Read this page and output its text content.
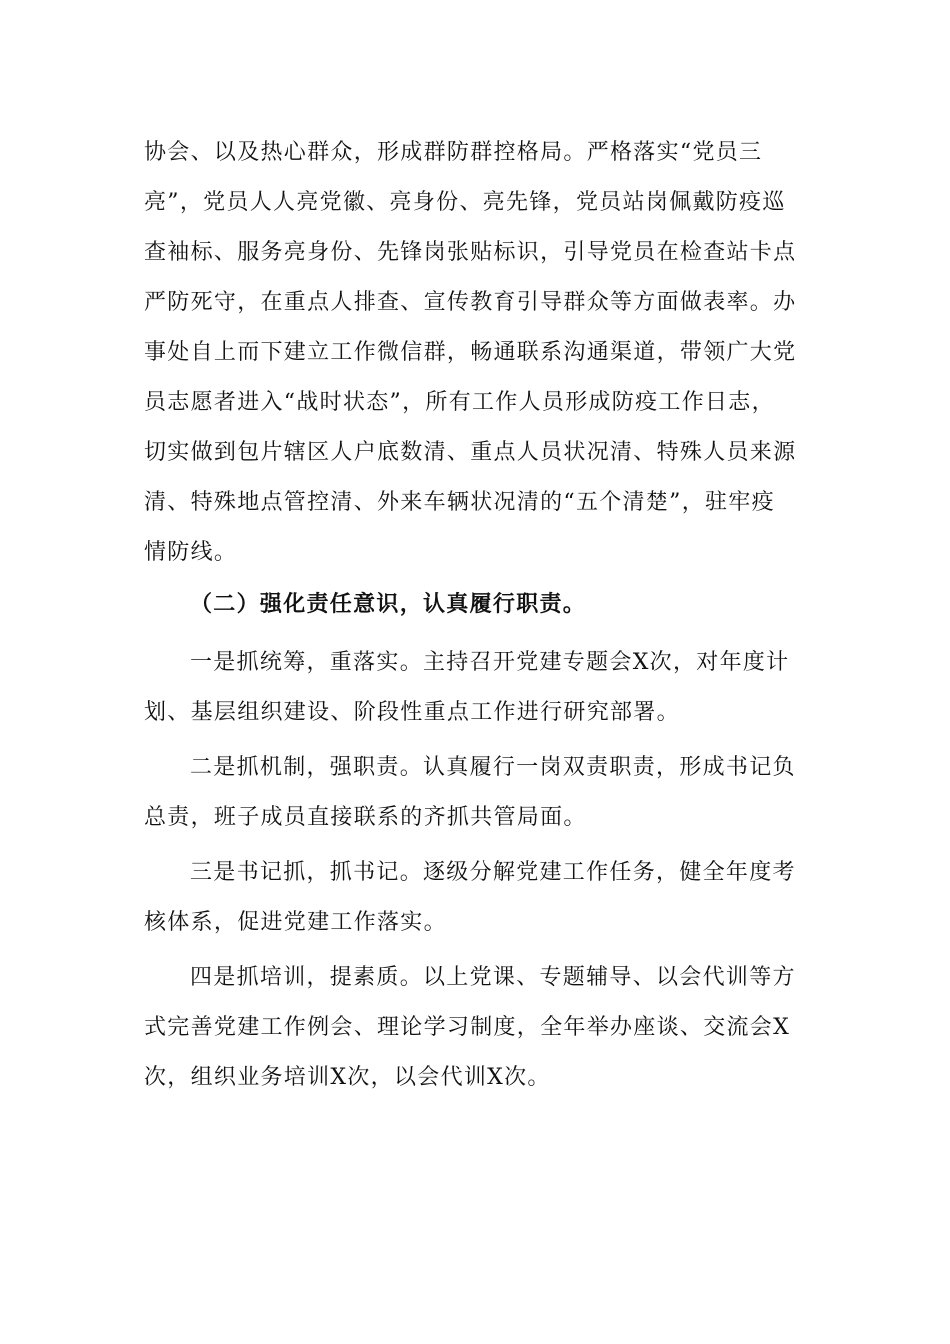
协会、以及热心群众，形成群防群控格局。严格落实“党员三
亮”，党员人人亮党徽、亮身份、亮先锋，党员站岗佩戴防疫巡
查袖标、服务亮身份、先锋岗张贴标识，引导党员在检查站卡点
严防死守，在重点人排查、宣传教育引导群众等方面做表率。办
事处自上而下建立工作微信群，畅通联系沟通渠道，带领广大党
员志愿者进入“战时状态”，所有工作人员形成防疫工作日志，
切实做到包片辖区人户底数清、重点人员状况清、特殊人员来源
清、特殊地点管控清、外来车辆状况清的“五个清楚”，驻牢疫
情防线。
（二）强化责任意识，认真履行职责。
一是抓统筹，重落实。主持召开党建专题会X次，对年度计
划、基层组织建设、阶段性重点工作进行研究部署。
二是抓机制，强职责。认真履行一岗双责职责，形成书记负
总责，班子成员直接联系的齐抓共管局面。
三是书记抓，抓书记。逐级分解党建工作任务，健全年度考
核体系，促进党建工作落实。
四是抓培训，提素质。以上党课、专题辅导、以会代训等方
式完善党建工作例会、理论学习制度，全年举办座谈、交流会X
次，组织业务培训X次，以会代训X次。
